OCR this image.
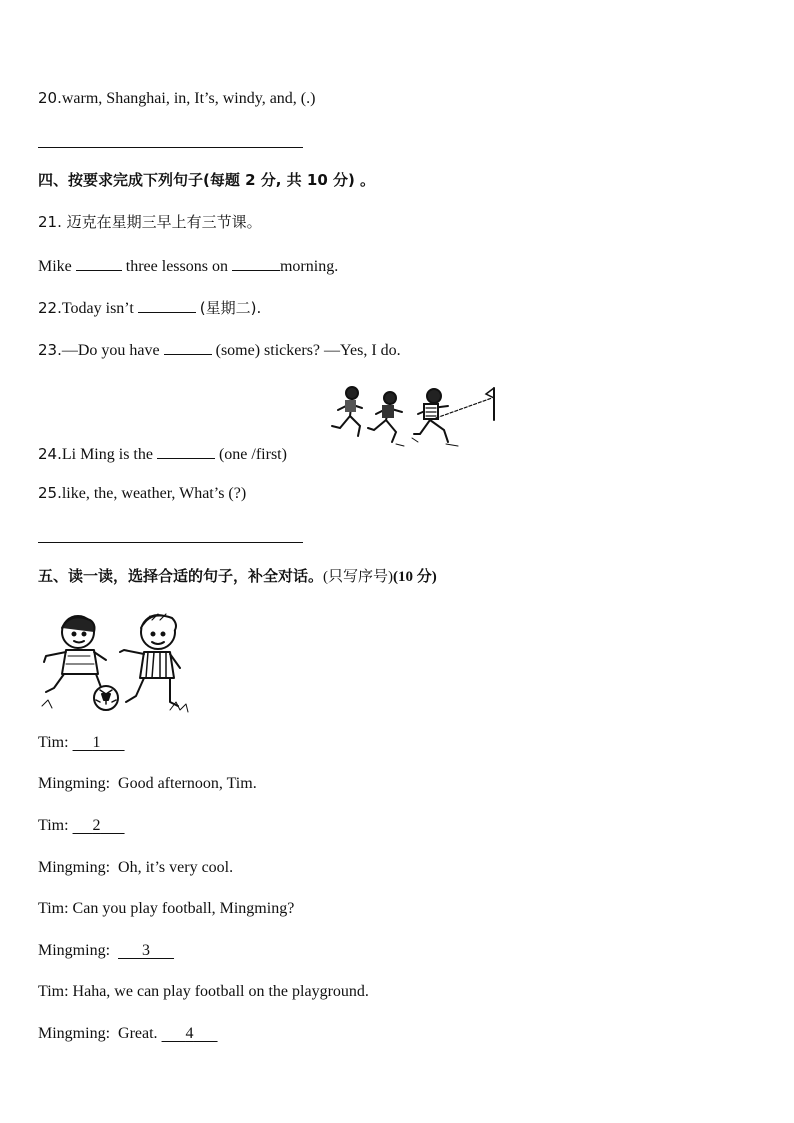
20.warm, Shanghai, in, It’s, windy, and, (.)
四、按要求完成下列句子(每题 2 分, 共 10 分) 。
21. 迈克在星期三早上有三节课。
Mike	three lessons on	morning.
22.Today isn’t	(星期二).
23.—Do you have	(some) stickers? —Yes, I do.
24.Li Ming is the	(one /first)
25.like, the, weather, What’s (?)
五、读一读，选择合适的句子，补全对话。(只写序号)(10 分)
Tim: 1
Mingming: Good afternoon, Tim.
Tim: 2
Mingming: Oh, it’s very cool.
Tim: Can you play football, Mingming?
Mingming: 3
Tim: Haha, we can play football on the playground.
Mingming: Great. 4
